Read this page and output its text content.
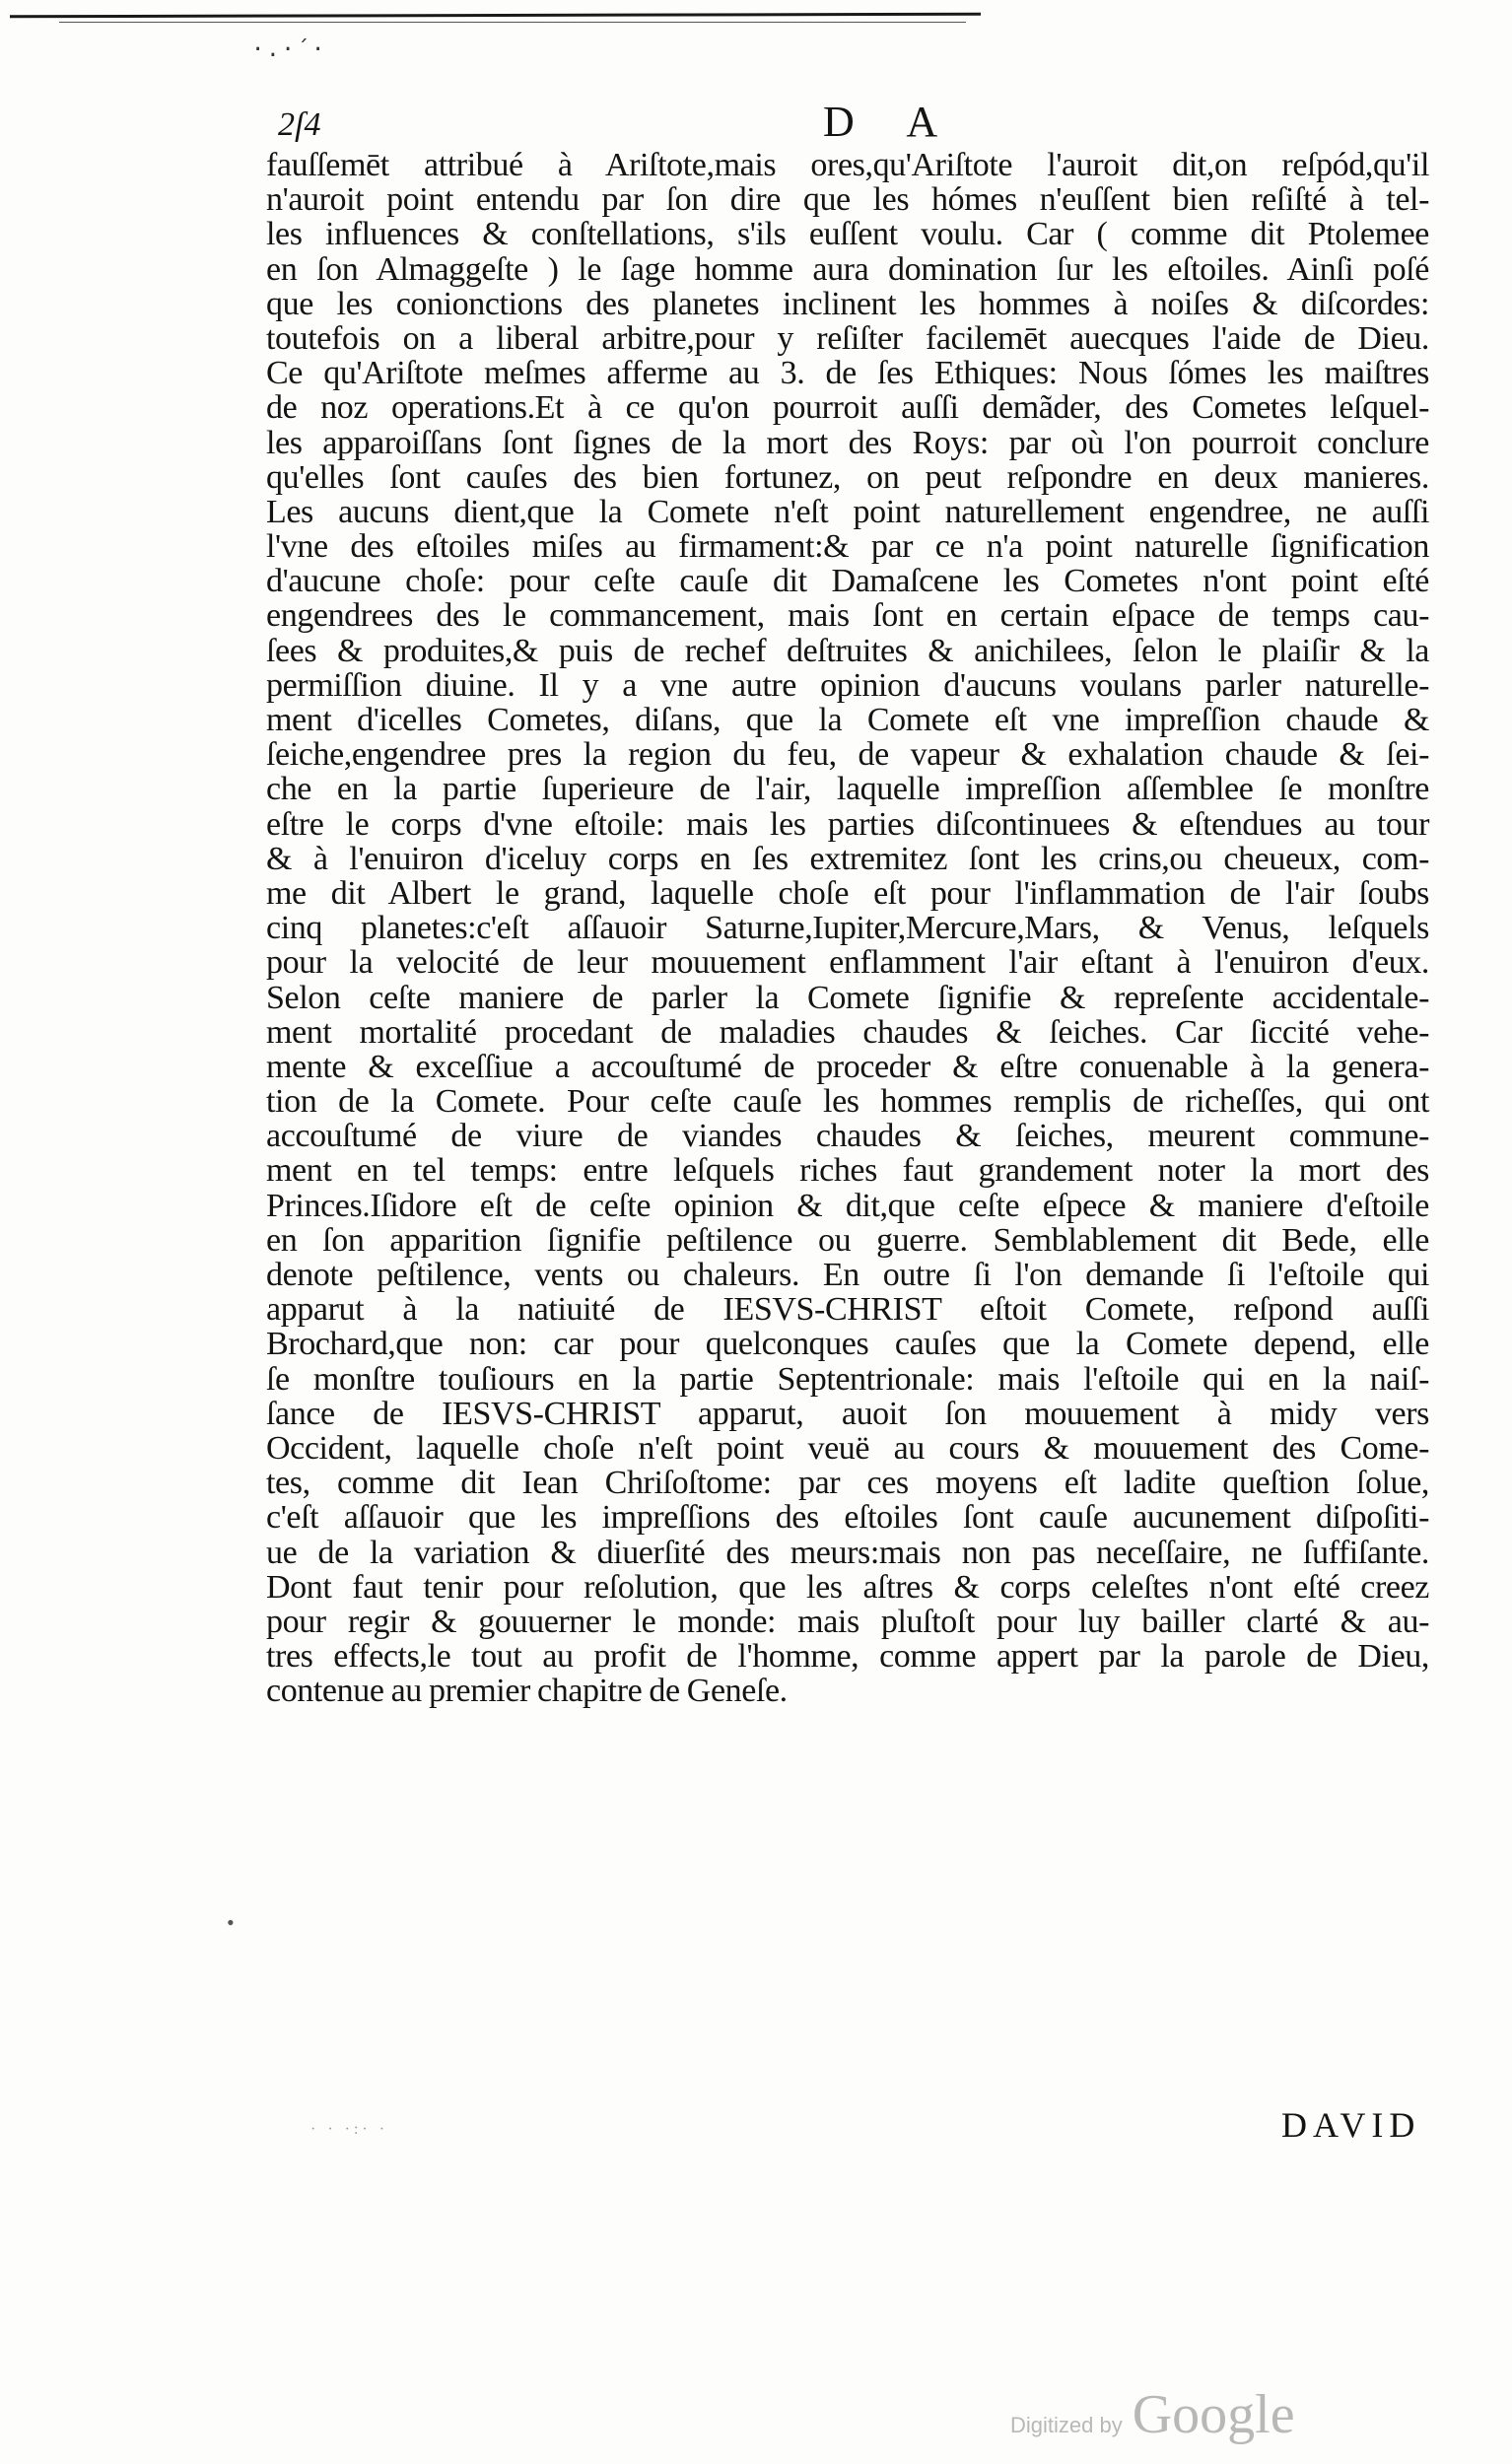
·.·´·
2ſ4	D A
fauſſemēt attribué à Ariſtote,mais ores,qu'Ariſtote l'auroit dit,on reſpód,qu'il
n'auroit point entendu par ſon dire que les hómes n'euſſent bien reſiſté à tel-
les influences & conſtellations, s'ils euſſent voulu. Car ( comme dit Ptolemee
en ſon Almaggeſte ) le ſage homme aura domination ſur les eſtoiles. Ainſi poſé
que les conionctions des planetes inclinent les hommes à noiſes & diſcordes:
toutefois on a liberal arbitre,pour y reſiſter facilemēt auecques l'aide de Dieu.
Ce qu'Ariſtote meſmes afferme au 3. de ſes Ethiques: Nous ſómes les maiſtres
de noz operations.Et à ce qu'on pourroit auſſi demãder, des Cometes leſquel-
les apparoiſſans ſont ſignes de la mort des Roys: par où l'on pourroit conclure
qu'elles ſont cauſes des bien fortunez, on peut reſpondre en deux manieres.
Les aucuns dient,que la Comete n'eſt point naturellement engendree, ne auſſi
l'vne des eſtoiles miſes au firmament:& par ce n'a point naturelle ſignification
d'aucune choſe: pour ceſte cauſe dit Damaſcene les Cometes n'ont point eſté
engendrees des le commancement, mais ſont en certain eſpace de temps cau-
ſees & produites,& puis de rechef deſtruites & anichilees, ſelon le plaiſir & la
permiſſion diuine. Il y a vne autre opinion d'aucuns voulans parler naturelle-
ment d'icelles Cometes, diſans, que la Comete eſt vne impreſſion chaude &
ſeiche,engendree pres la region du feu, de vapeur & exhalation chaude & ſei-
che en la partie ſuperieure de l'air, laquelle impreſſion aſſemblee ſe monſtre
eſtre le corps d'vne eſtoile: mais les parties diſcontinuees & eſtendues au tour
& à l'enuiron d'iceluy corps en ſes extremitez ſont les crins,ou cheueux, com-
me dit Albert le grand, laquelle choſe eſt pour l'inflammation de l'air ſoubs
cinq planetes:c'eſt aſſauoir Saturne,Iupiter,Mercure,Mars, & Venus, leſquels
pour la velocité de leur mouuement enflamment l'air eſtant à l'enuiron d'eux.
Selon ceſte maniere de parler la Comete ſignifie & repreſente accidentale-
ment mortalité procedant de maladies chaudes & ſeiches. Car ſiccité vehe-
mente & exceſſiue a accouſtumé de proceder & eſtre conuenable à la genera-
tion de la Comete. Pour ceſte cauſe les hommes remplis de richeſſes, qui ont
accouſtumé de viure de viandes chaudes & ſeiches, meurent commune-
ment en tel temps: entre leſquels riches faut grandement noter la mort des
Princes.Iſidore eſt de ceſte opinion & dit,que ceſte eſpece & maniere d'eſtoile
en ſon apparition ſignifie peſtilence ou guerre. Semblablement dit Bede, elle
denote peſtilence, vents ou chaleurs. En outre ſi l'on demande ſi l'eſtoile qui
apparut à la natiuité de IESVS-CHRIST eſtoit Comete, reſpond auſſi
Brochard,que non: car pour quelconques cauſes que la Comete depend, elle
ſe monſtre touſiours en la partie Septentrionale: mais l'eſtoile qui en la naiſ-
ſance de IESVS-CHRIST apparut, auoit ſon mouuement à midy vers
Occident, laquelle choſe n'eſt point veuë au cours & mouuement des Come-
tes, comme dit Iean Chriſoſtome: par ces moyens eſt ladite queſtion ſolue,
c'eſt aſſauoir que les impreſſions des eſtoiles ſont cauſe aucunement diſpoſiti-
ue de la variation & diuerſité des meurs:mais non pas neceſſaire, ne ſuffiſante.
Dont faut tenir pour reſolution, que les aſtres & corps celeſtes n'ont eſté creez
pour regir & gouuerner le monde: mais pluſtoſt pour luy bailler clarté & au-
tres effects,le tout au profit de l'homme, comme appert par la parole de Dieu,
contenue au premier chapitre de Geneſe.
•
· · ·:· ·	DAVID
Digitized by Google
